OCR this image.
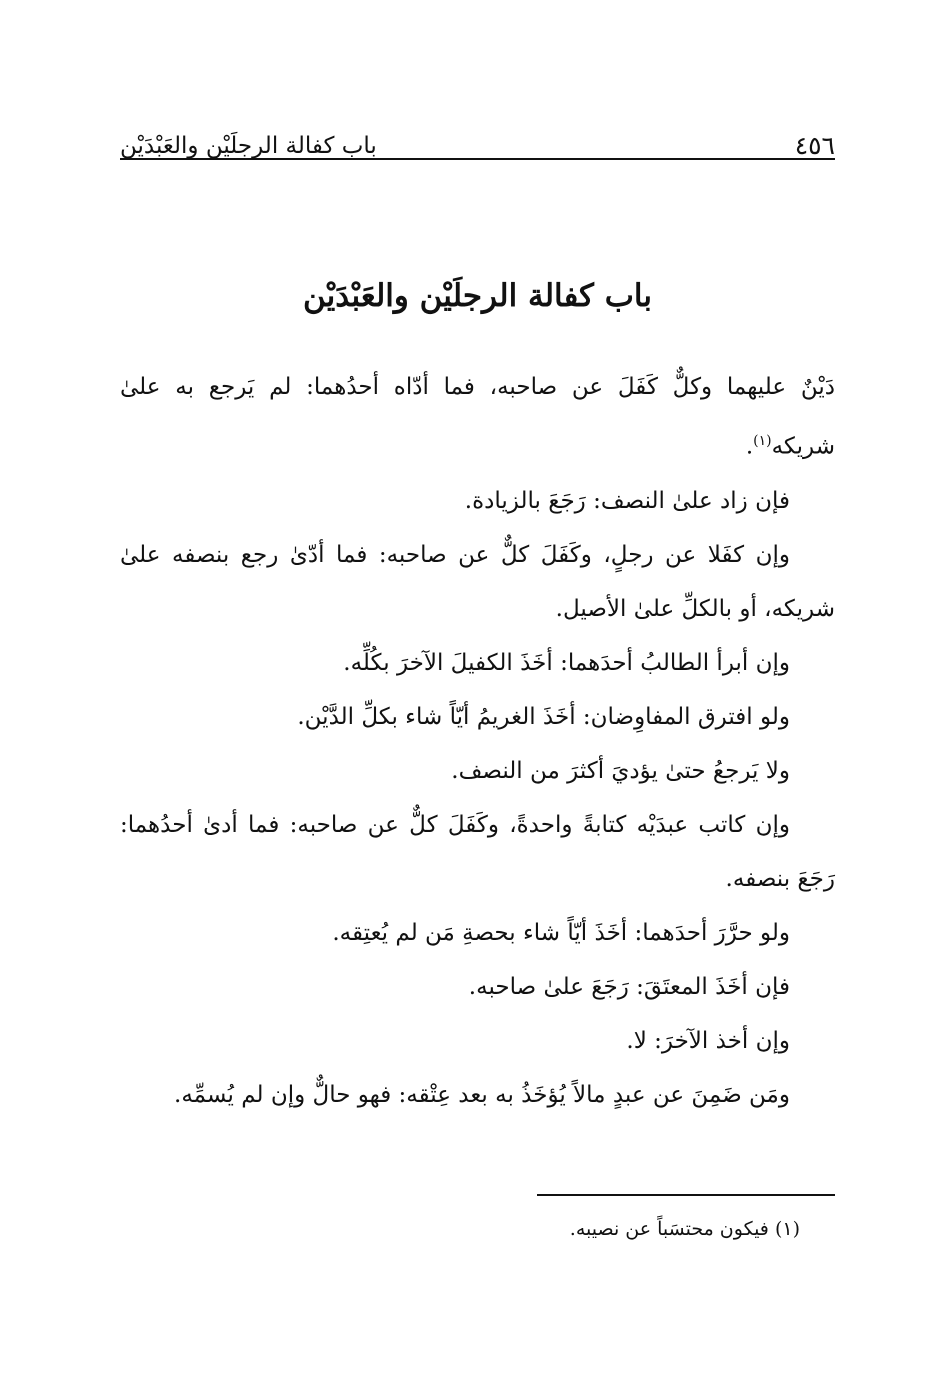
٤٥٦
باب كفالة الرجلَيْن والعَبْدَيْن
باب كفالة الرجلَيْن والعَبْدَيْن

دَيْنٌ عليهما وكلٌّ كَفَلَ عن صاحبه، فما أدّاه أحدُهما: لم يَرجع به علىٰ شريكه$^{(١)}$.

فإن زاد علىٰ النصف: رَجَعَ بالزيادة.

وإن كفَلا عن رجلٍ، وكَفَلَ كلٌّ عن صاحبه: فما أدّىٰ رجع بنصفه علىٰ شريكه، أو بالكلِّ علىٰ الأصيل.

وإن أبرأ الطالبُ أحدَهما: أخَذَ الكفيلَ الآخرَ بكُلِّه.

ولو افترق المفاوِضان: أخَذَ الغريمُ أيّاً شاء بكلِّ الدَّيْن.

ولا يَرجعُ حتىٰ يؤديَ أكثرَ من النصف.

وإن كاتب عبدَيْه كتابةً واحدةً، وكَفَلَ كلٌّ عن صاحبه: فما أدىٰ أحدُهما: رَجَعَ بنصفه.

ولو حرَّرَ أحدَهما: أخَذَ أيّاً شاء بحصةِ مَن لم يُعتِقه.

فإن أخَذَ المعتَقَ: رَجَعَ علىٰ صاحبه.

وإن أخذ الآخرَ: لا.

ومَن ضَمِنَ عن عبدٍ مالاً يُؤخَذُ به بعد عِتْقه: فهو حالٌّ وإن لم يُسمِّه.

(١) فيكون محتسَباً عن نصيبه.
